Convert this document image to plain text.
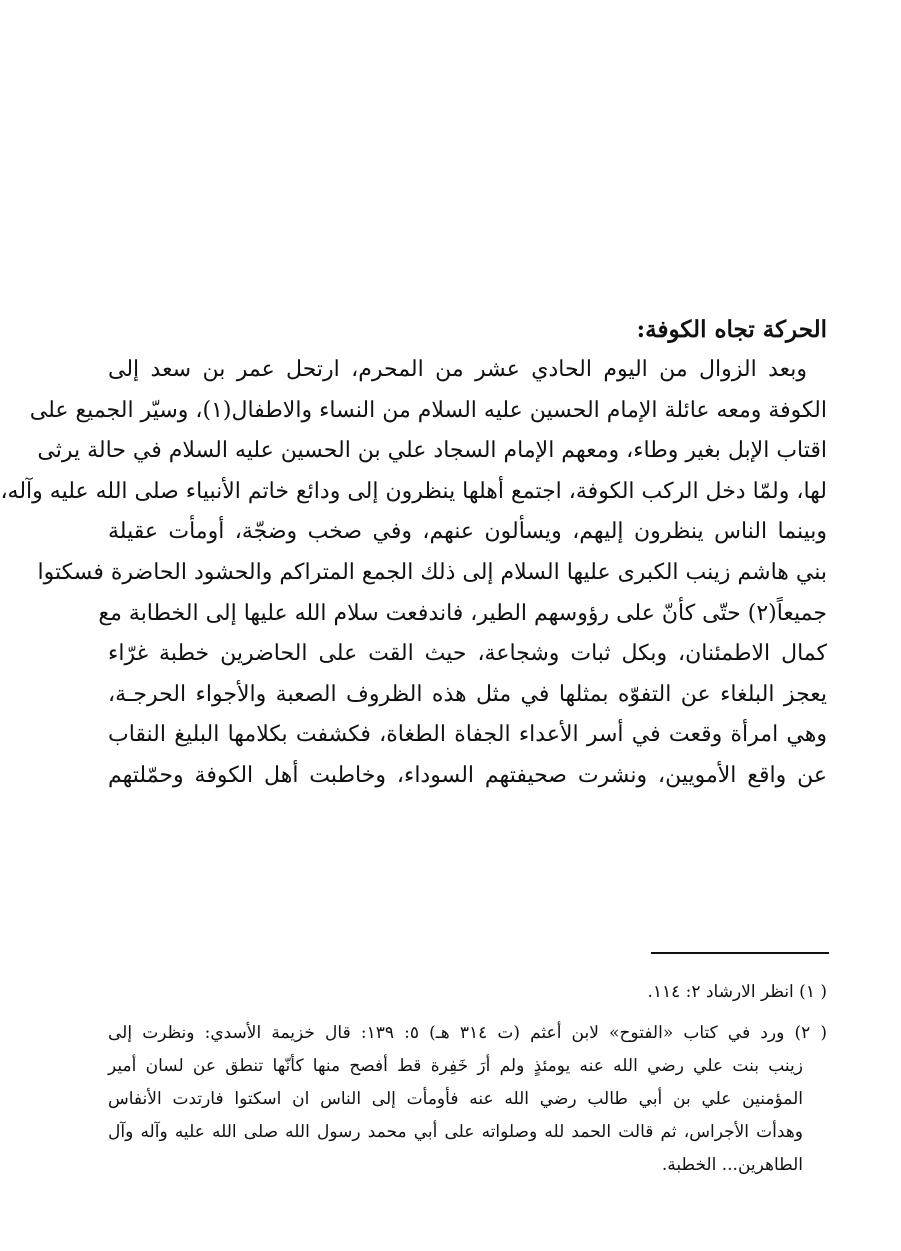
الحركة تجاه الكوفة:
وبعد الزوال من اليوم الحادي عشر من المحرم، ارتحل عمر بن سعد إلى
الكوفة ومعه عائلة الإمام الحسين عليه السلام من النساء والاطفال(١)، وسيّر الجميع على
اقتاب الإبل بغير وطاء، ومعهم الإمام السجاد علي بن الحسين عليه السلام في حالة يرثى
لها، ولمّا دخل الركب الكوفة، اجتمع أهلها ينظرون إلى ودائع خاتم الأنبياء صلى الله عليه وآله،
وبينما الناس ينظرون إليهم، ويسألون عنهم، وفي صخب وضجّة، أومأت عقيلة
بني هاشم زينب الكبرى عليها السلام إلى ذلك الجمع المتراكم والحشود الحاضرة فسكتوا
جميعاً(٢) حتّى كأنّ على رؤوسهم الطير، فاندفعت سلام الله عليها إلى الخطابة مع
كمال الاطمئنان، وبكل ثبات وشجاعة، حيث القت على الحاضرين خطبة غرّاء
يعجز البلغاء عن التفوّه بمثلها في مثل هذه الظروف الصعبة والأجواء الحرجـة،
وهي امرأة وقعت في أسر الأعداء الجفاة الطغاة، فكشفت بكلامها البليغ النقاب
عن واقع الأمويين، ونشرت صحيفتهم السوداء، وخاطبت أهل الكوفة وحمّلتهم
( ١) انظر الارشاد ٢: ١١٤.
( ٢) ورد في كتاب «الفتوح» لابن أعثم (ت ٣١٤ هـ) ٥: ١٣٩: قال خزيمة الأسدي: ونظرت إلى
زينب بنت علي رضي الله عنه يومئذٍ ولم أرَ خَفِرة قط أفصح منها كأنّها تنطق عن لسان أمير
المؤمنين علي بن أبي طالب رضي الله عنه فأومأت إلى الناس ان اسكتوا فارتدت الأنفاس
وهدأت الأجراس، ثم قالت الحمد لله وصلواته على أبي محمد رسول الله صلى الله عليه وآله وآل
الطاهرين... الخطبة.
